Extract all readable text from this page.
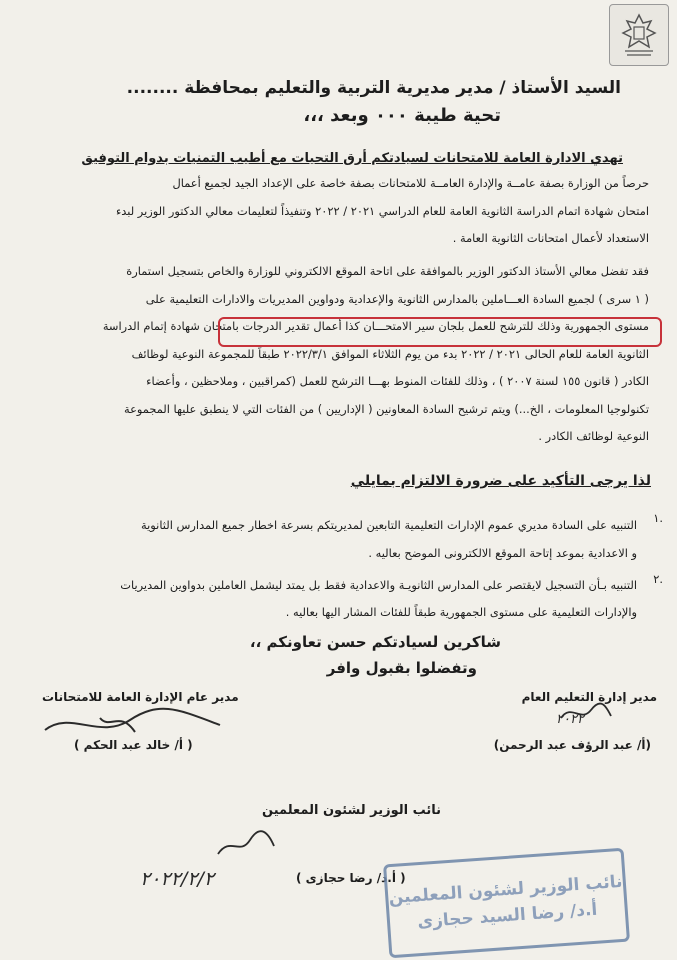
السيد الأستاذ / مدير مديرية التربية والتعليم بمحافظة ........
تحية طيبة ٠٠٠ وبعد ،،،
تهدي الادارة العامة للامتحانات لسيادتكم أرق التحيات مع أطيب التمنيات بدوام التوفيق
حرصاً من الوزارة بصفة عامــة والإدارة العامــة للامتحانات بصفة خاصة على الإعداد الجيد لجميع أعمال
امتحان شهادة اتمام الدراسة الثانوية العامة للعام الدراسي ٢٠٢١ / ٢٠٢٢ وتنفيذاً لتعليمات معالي الدكتور الوزير لبدء
الاستعداد لأعمال امتحانات الثانوية العامة .
فقد تفضل معالي الأستاذ الدكتور الوزير بالموافقة على اتاحة الموقع الالكتروني للوزارة والخاص بتسجيل استمارة
( ١ سرى ) لجميع السادة العـــاملين بالمدارس الثانوية والإعدادية ودواوين المديريات والادارات التعليمية على
مستوى الجمهورية وذلك للترشح للعمل بلجان سير الامتحـــان كذا أعمال تقدير الدرجات بامتحان شهادة إتمام الدراسة
الثانوية العامة للعام الحالى ٢٠٢١ / ٢٠٢٢ بدء من يوم الثلاثاء الموافق ٢٠٢٢/٣/١ طبقاً للمجموعة النوعية لوظائف
الكادر ( قانون ١٥٥ لسنة ٢٠٠٧ ) ، وذلك للفئات المنوط بهـــا الترشح للعمل (كمراقبين ، وملاحظين ، وأعضاء
تكنولوجيا المعلومات ، الخ...) ويتم ترشيح السادة المعاونين ( الإداريين ) من الفئات التي لا ينطبق عليها المجموعة
النوعية لوظائف الكادر .
لذا يرجى التأكيد على ضرورة الالتزام بمايلي
١.
التنبيه على السادة مديري عموم الإدارات التعليمية التابعين لمديريتكم بسرعة اخطار جميع المدارس الثانوية
و الاعدادية بموعد إتاحة الموقع الالكترونى الموضح بعاليه .
٢.
التنبيه بـأن التسجيل لايقتصر على المدارس الثانويـة والاعدادية فقط بل يمتد ليشمل العاملين بدواوين المديريات
والإدارات التعليمية على مستوى الجمهورية طبقاً للفئات المشار اليها بعاليه .
شاكرين لسيادتكم حسن تعاونكم ،،
وتفضلوا بقبول وافر
مدير إدارة التعليم العام
مدير عام الإدارة العامة للامتحانات
٢٠٢٢
( أ/ خالد عبد الحكم )	(أ/ عبد الرؤف عبد الرحمن)
نائب الوزير لشئون المعلمين
٢٠٢٢/٢/٢	( أ.د/ رضا حجازى )
نائب الوزير لشئون المعلمين
أ.د/ رضا السيد حجازى
